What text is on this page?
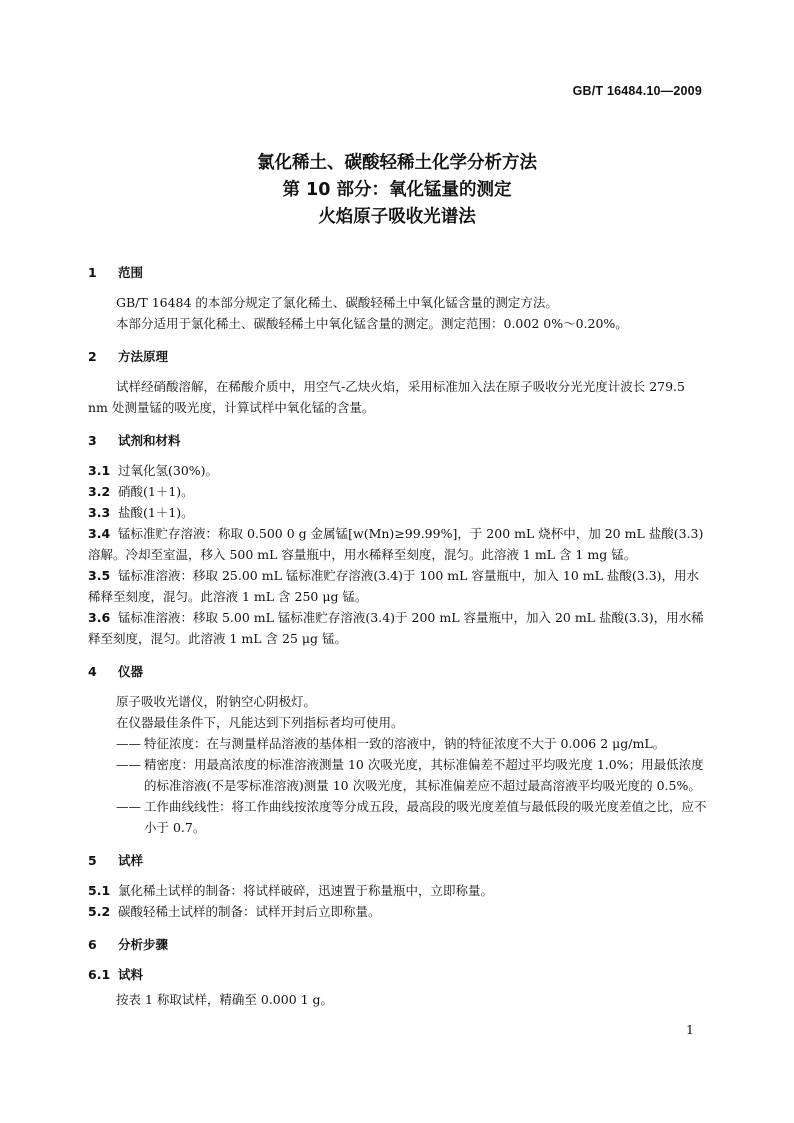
GB/T 16484.10—2009
氯化稀土、碳酸轻稀土化学分析方法
第 10 部分：氧化锰量的测定
火焰原子吸收光谱法
1 范围

GB/T 16484 的本部分规定了氯化稀土、碳酸轻稀土中氧化锰含量的测定方法。

本部分适用于氯化稀土、碳酸轻稀土中氧化锰含量的测定。测定范围：0.002 0%～0.20%。

2 方法原理

试样经硝酸溶解，在稀酸介质中，用空气-乙炔火焰，采用标准加入法在原子吸收分光光度计波长 279.5 nm 处测量锰的吸光度，计算试样中氧化锰的含量。

3 试剂和材料

3.1 过氧化氢(30%)。

3.2 硝酸(1＋1)。

3.3 盐酸(1＋1)。

3.4 锰标准贮存溶液：称取 0.500 0 g 金属锰[w(Mn)≥99.99%]，于 200 mL 烧杯中，加 20 mL 盐酸(3.3)溶解。冷却至室温，移入 500 mL 容量瓶中，用水稀释至刻度，混匀。此溶液 1 mL 含 1 mg 锰。

3.5 锰标准溶液：移取 25.00 mL 锰标准贮存溶液(3.4)于 100 mL 容量瓶中，加入 10 mL 盐酸(3.3)，用水稀释至刻度，混匀。此溶液 1 mL 含 250 μg 锰。

3.6 锰标准溶液：移取 5.00 mL 锰标准贮存溶液(3.4)于 200 mL 容量瓶中，加入 20 mL 盐酸(3.3)，用水稀释至刻度，混匀。此溶液 1 mL 含 25 μg 锰。

4 仪器

原子吸收光谱仪，附钠空心阴极灯。

在仪器最佳条件下，凡能达到下列指标者均可使用。

—— 特征浓度：在与测量样品溶液的基体相一致的溶液中，钠的特征浓度不大于 0.006 2 μg/mL。

—— 精密度：用最高浓度的标准溶液测量 10 次吸光度，其标准偏差不超过平均吸光度 1.0%；用最低浓度的标准溶液(不是零标准溶液)测量 10 次吸光度，其标准偏差应不超过最高溶液平均吸光度的 0.5%。

—— 工作曲线线性：将工作曲线按浓度等分成五段，最高段的吸光度差值与最低段的吸光度差值之比，应不小于 0.7。

5 试样

5.1 氯化稀土试样的制备：将试样破碎，迅速置于称量瓶中，立即称量。

5.2 碳酸轻稀土试样的制备：试样开封后立即称量。

6 分析步骤
6.1 试料

按表 1 称取试样，精确至 0.000 1 g。

1
